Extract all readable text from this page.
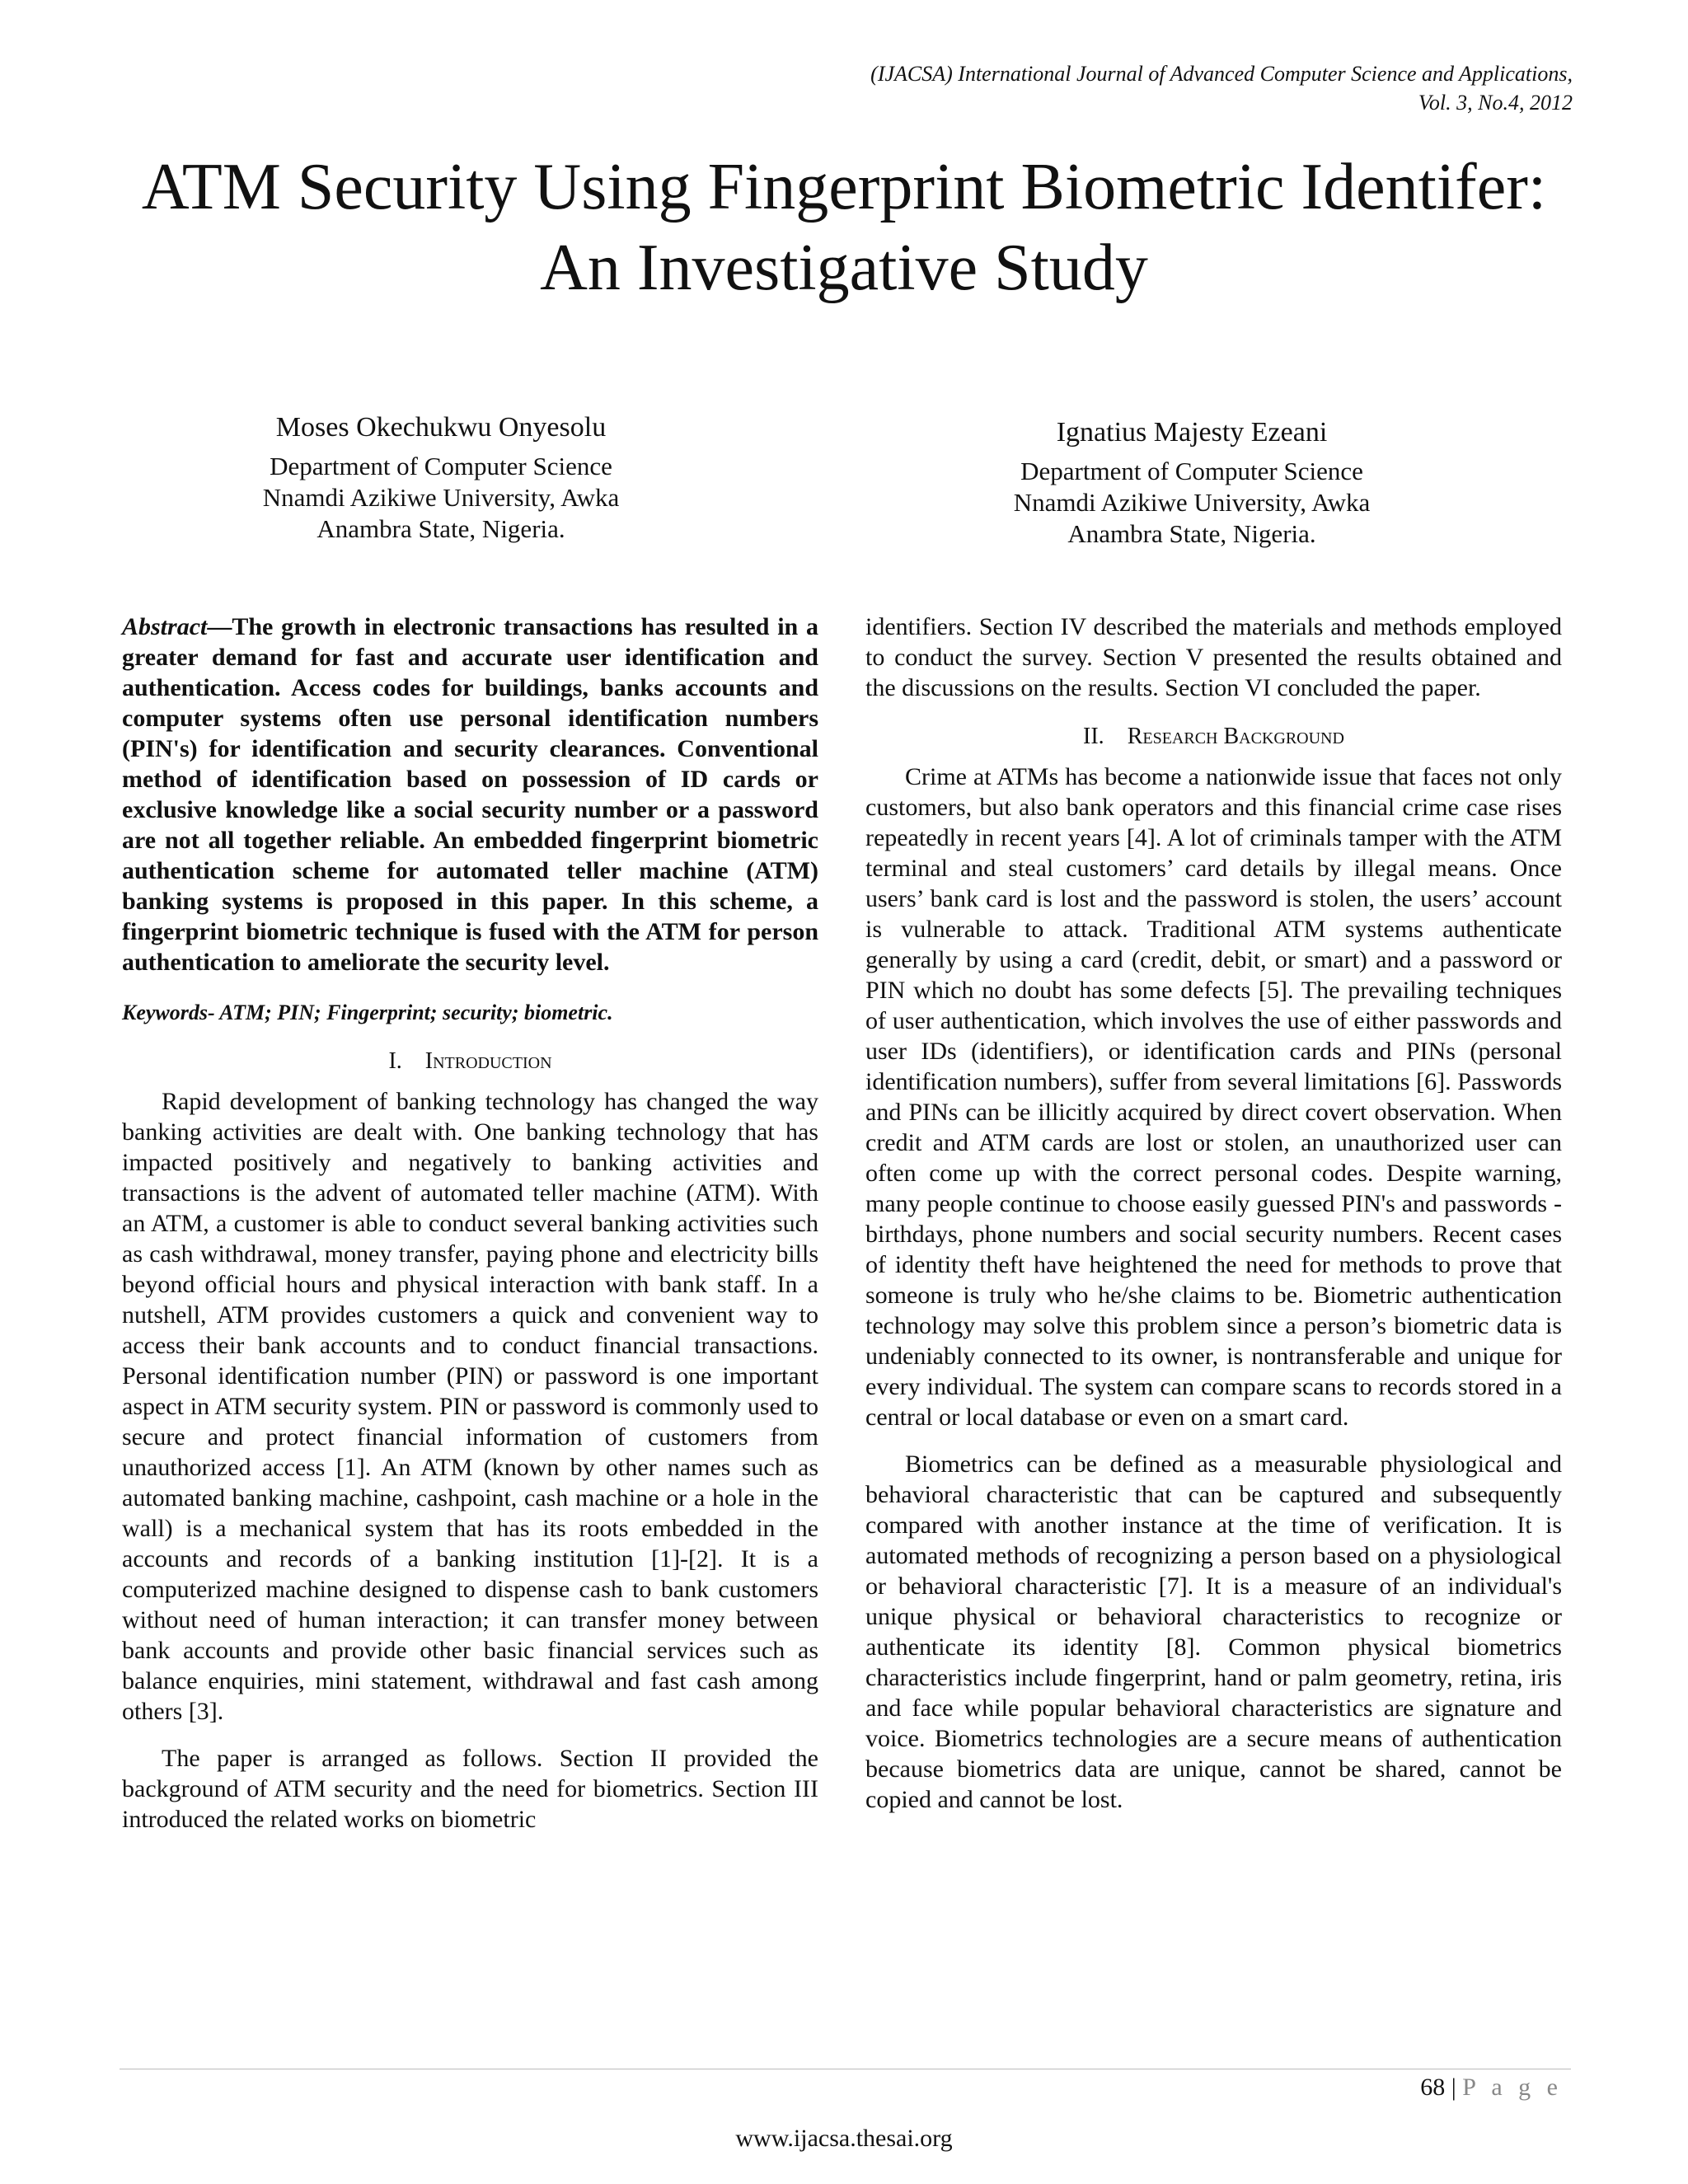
(IJACSA) International Journal of Advanced Computer Science and Applications,
Vol. 3, No.4, 2012
ATM Security Using Fingerprint Biometric Identifer:
An Investigative Study
Moses Okechukwu Onyesolu
Department of Computer Science
Nnamdi Azikiwe University, Awka
Anambra State, Nigeria.
Ignatius Majesty Ezeani
Department of Computer Science
Nnamdi Azikiwe University, Awka
Anambra State, Nigeria.

Abstract—The growth in electronic transactions has resulted in a greater demand for fast and accurate user identification and authentication. Access codes for buildings, banks accounts and computer systems often use personal identification numbers (PIN's) for identification and security clearances. Conventional method of identification based on possession of ID cards or exclusive knowledge like a social security number or a password are not all together reliable. An embedded fingerprint biometric authentication scheme for automated teller machine (ATM) banking systems is proposed in this paper. In this scheme, a fingerprint biometric technique is fused with the ATM for person authentication to ameliorate the security level.

Keywords- ATM; PIN; Fingerprint; security; biometric.
I. Introduction

Rapid development of banking technology has changed the way banking activities are dealt with. One banking technology that has impacted positively and negatively to banking activities and transactions is the advent of automated teller machine (ATM). With an ATM, a customer is able to conduct several banking activities such as cash withdrawal, money transfer, paying phone and electricity bills beyond official hours and physical interaction with bank staff. In a nutshell, ATM provides customers a quick and convenient way to access their bank accounts and to conduct financial transactions. Personal identification number (PIN) or password is one important aspect in ATM security system. PIN or password is commonly used to secure and protect financial information of customers from unauthorized access [1]. An ATM (known by other names such as automated banking machine, cashpoint, cash machine or a hole in the wall) is a mechanical system that has its roots embedded in the accounts and records of a banking institution [1]-[2]. It is a computerized machine designed to dispense cash to bank customers without need of human interaction; it can transfer money between bank accounts and provide other basic financial services such as balance enquiries, mini statement, withdrawal and fast cash among others [3].

The paper is arranged as follows. Section II provided the background of ATM security and the need for biometrics. Section III introduced the related works on biometric

identifiers. Section IV described the materials and methods employed to conduct the survey. Section V presented the results obtained and the discussions on the results. Section VI concluded the paper.

II. Research Background

Crime at ATMs has become a nationwide issue that faces not only customers, but also bank operators and this financial crime case rises repeatedly in recent years [4]. A lot of criminals tamper with the ATM terminal and steal customers’ card details by illegal means. Once users’ bank card is lost and the password is stolen, the users’ account is vulnerable to attack. Traditional ATM systems authenticate generally by using a card (credit, debit, or smart) and a password or PIN which no doubt has some defects [5]. The prevailing techniques of user authentication, which involves the use of either passwords and user IDs (identifiers), or identification cards and PINs (personal identification numbers), suffer from several limitations [6]. Passwords and PINs can be illicitly acquired by direct covert observation. When credit and ATM cards are lost or stolen, an unauthorized user can often come up with the correct personal codes. Despite warning, many people continue to choose easily guessed PIN's and passwords - birthdays, phone numbers and social security numbers. Recent cases of identity theft have heightened the need for methods to prove that someone is truly who he/she claims to be. Biometric authentication technology may solve this problem since a person’s biometric data is undeniably connected to its owner, is nontransferable and unique for every individual. The system can compare scans to records stored in a central or local database or even on a smart card.

Biometrics can be defined as a measurable physiological and behavioral characteristic that can be captured and subsequently compared with another instance at the time of verification. It is automated methods of recognizing a person based on a physiological or behavioral characteristic [7]. It is a measure of an individual's unique physical or behavioral characteristics to recognize or authenticate its identity [8]. Common physical biometrics characteristics include fingerprint, hand or palm geometry, retina, iris and face while popular behavioral characteristics are signature and voice. Biometrics technologies are a secure means of authentication because biometrics data are unique, cannot be shared, cannot be copied and cannot be lost.

68 | P a g e
www.ijacsa.thesai.org
